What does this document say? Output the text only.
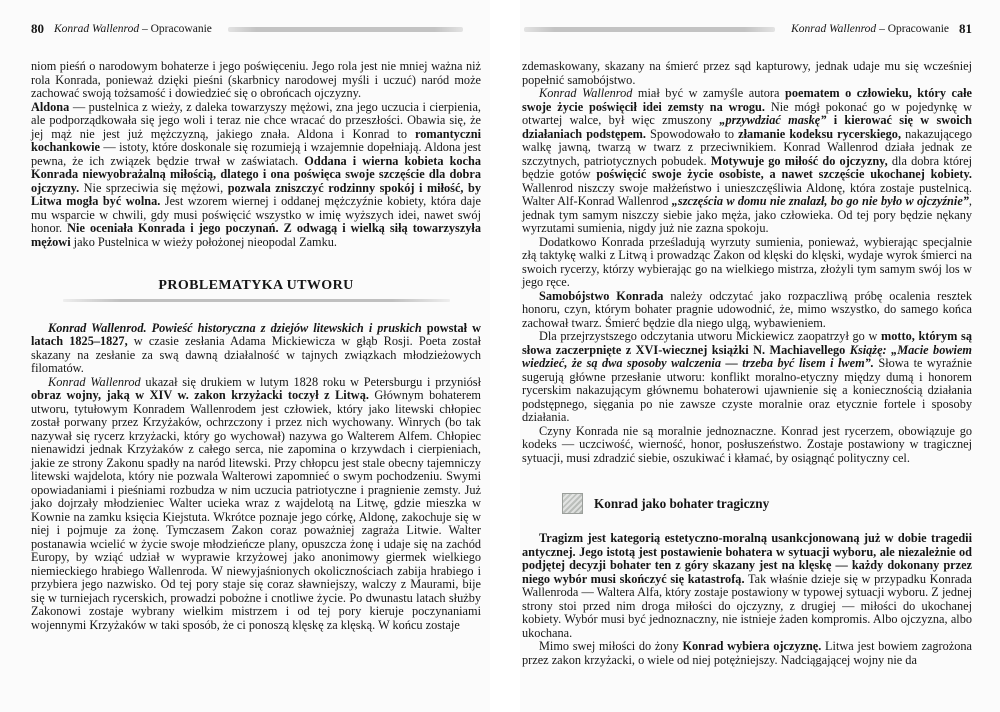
80 Konrad Wallenrod – Opracowanie

niom pieśń o narodowym bohaterze i jego poświęceniu. Jego rola jest nie mniej ważna niż rola Konrada, ponieważ dzięki pieśni (skarbnicy narodowej myśli i uczuć) naród może zachować swoją tożsamość i dowiedzieć się o obrońcach ojczyzny.

Aldona — pustelnica z wieży, z daleka towarzyszy mężowi, zna jego uczucia i cierpienia, ale podporządkowała się jego woli i teraz nie chce wracać do przeszłości. Obawia się, że jej mąż nie jest już mężczyzną, jakiego znała. Aldona i Konrad to romantyczni kochankowie — istoty, które doskonale się rozumieją i wzajemnie dopełniają. Aldona jest pewna, że ich związek będzie trwał w zaświatach. Oddana i wierna kobieta kocha Konrada niewyobrażalną miłością, dlatego i ona poświęca swoje szczęście dla dobra ojczyzny. Nie sprzeciwia się mężowi, pozwala zniszczyć rodzinny spokój i miłość, by Litwa mogła być wolna. Jest wzorem wiernej i oddanej mężczyźnie kobiety, która daje mu wsparcie w chwili, gdy musi poświęcić wszystko w imię wyższych idei, nawet swój honor. Nie oceniała Konrada i jego poczynań. Z odwagą i wielką siłą towarzyszyła mężowi jako Pustelnica w wieży położonej nieopodal Zamku.

PROBLEMATYKA UTWORU

Konrad Wallenrod. Powieść historyczna z dziejów litewskich i pruskich powstał w latach 1825–1827, w czasie zesłania Adama Mickiewicza w głąb Rosji. Poeta został skazany na zesłanie za swą dawną działalność w tajnych związkach młodzieżowych filomatów.

Konrad Wallenrod ukazał się drukiem w lutym 1828 roku w Petersburgu i przyniósł obraz wojny, jaką w XIV w. zakon krzyżacki toczył z Litwą. Głównym bohaterem utworu, tytułowym Konradem Wallenrodem jest człowiek, który jako litewski chłopiec został porwany przez Krzyżaków, ochrzczony i przez nich wychowany. Winrych (bo tak nazywał się rycerz krzyżacki, który go wychował) nazywa go Walterem Alfem. Chłopiec nienawidzi jednak Krzyżaków z całego serca, nie zapomina o krzywdach i cierpieniach, jakie ze strony Zakonu spadły na naród litewski. Przy chłopcu jest stale obecny tajemniczy litewski wajdelota, który nie pozwala Walterowi zapomnieć o swym pochodzeniu. Swymi opowiadaniami i pieśniami rozbudza w nim uczucia patriotyczne i pragnienie zemsty. Już jako dojrzały młodzieniec Walter ucieka wraz z wajdelotą na Litwę, gdzie mieszka w Kownie na zamku księcia Kiejstuta. Wkrótce poznaje jego córkę, Aldonę, zakochuje się w niej i pojmuje za żonę. Tymczasem Zakon coraz poważniej zagraża Litwie. Walter postanawia wcielić w życie swoje młodzieńcze plany, opuszcza żonę i udaje się na zachód Europy, by wziąć udział w wyprawie krzyżowej jako anonimowy giermek wielkiego niemieckiego hrabiego Wallenroda. W niewyjaśnionych okolicznościach zabija hrabiego i przybiera jego nazwisko. Od tej pory staje się coraz sławniejszy, walczy z Maurami, bije się w turniejach rycerskich, prowadzi pobożne i cnotliwe życie. Po dwunastu latach służby Zakonowi zostaje wybrany wielkim mistrzem i od tej pory kieruje poczynaniami wojennymi Krzyżaków w taki sposób, że ci ponoszą klęskę za klęską. W końcu zostaje

Konrad Wallenrod – Opracowanie 81

zdemaskowany, skazany na śmierć przez sąd kapturowy, jednak udaje mu się wcześniej popełnić samobójstwo.

Konrad Wallenrod miał być w zamyśle autora poematem o człowieku, który całe swoje życie poświęcił idei zemsty na wrogu. Nie mógł pokonać go w pojedynkę w otwartej walce, był więc zmuszony „przywdziać maskę” i kierować się w swoich działaniach podstępem. Spowodowało to złamanie kodeksu rycerskiego, nakazującego walkę jawną, twarzą w twarz z przeciwnikiem. Konrad Wallenrod działa jednak ze szczytnych, patriotycznych pobudek. Motywuje go miłość do ojczyzny, dla dobra której będzie gotów poświęcić swoje życie osobiste, a nawet szczęście ukochanej kobiety. Wallenrod niszczy swoje małżeństwo i unieszczęśliwia Aldonę, która zostaje pustelnicą. Walter Alf-Konrad Wallenrod „szczęścia w domu nie znalazł, bo go nie było w ojczyźnie”, jednak tym samym niszczy siebie jako męża, jako człowieka. Od tej pory będzie nękany wyrzutami sumienia, nigdy już nie zazna spokoju.

Dodatkowo Konrada prześladują wyrzuty sumienia, ponieważ, wybierając specjalnie złą taktykę walki z Litwą i prowadząc Zakon od klęski do klęski, wydaje wyrok śmierci na swoich rycerzy, którzy wybierając go na wielkiego mistrza, złożyli tym samym swój los w jego ręce.

Samobójstwo Konrada należy odczytać jako rozpaczliwą próbę ocalenia resztek honoru, czyn, którym bohater pragnie udowodnić, że, mimo wszystko, do samego końca zachował twarz. Śmierć będzie dla niego ulgą, wybawieniem.

Dla przejrzystszego odczytania utworu Mickiewicz zaopatrzył go w motto, którym są słowa zaczerpnięte z XVI-wiecznej książki N. Machiavellego Książę: „Macie bowiem wiedzieć, że są dwa sposoby walczenia — trzeba być lisem i lwem”. Słowa te wyraźnie sugerują główne przesłanie utworu: konflikt moralno-etyczny między dumą i honorem rycerskim nakazującym głównemu bohaterowi ujawnienie się a koniecznością działania podstępnego, sięgania po nie zawsze czyste moralnie oraz etycznie fortele i sposoby działania.

Czyny Konrada nie są moralnie jednoznaczne. Konrad jest rycerzem, obowiązuje go kodeks — uczciwość, wierność, honor, posłuszeństwo. Zostaje postawiony w tragicznej sytuacji, musi zdradzić siebie, oszukiwać i kłamać, by osiągnąć polityczny cel.

Konrad jako bohater tragiczny

Tragizm jest kategorią estetyczno-moralną usankcjonowaną już w dobie tragedii antycznej. Jego istotą jest postawienie bohatera w sytuacji wyboru, ale niezależnie od podjętej decyzji bohater ten z góry skazany jest na klęskę — każdy dokonany przez niego wybór musi skończyć się katastrofą. Tak właśnie dzieje się w przypadku Konrada Wallenroda — Waltera Alfa, który zostaje postawiony w typowej sytuacji wyboru. Z jednej strony stoi przed nim droga miłości do ojczyzny, z drugiej — miłości do ukochanej kobiety. Wybór musi być jednoznaczny, nie istnieje żaden kompromis. Albo ojczyzna, albo ukochana.

Mimo swej miłości do żony Konrad wybiera ojczyznę. Litwa jest bowiem zagrożona przez zakon krzyżacki, o wiele od niej potężniejszy. Nadciągającej wojny nie da
